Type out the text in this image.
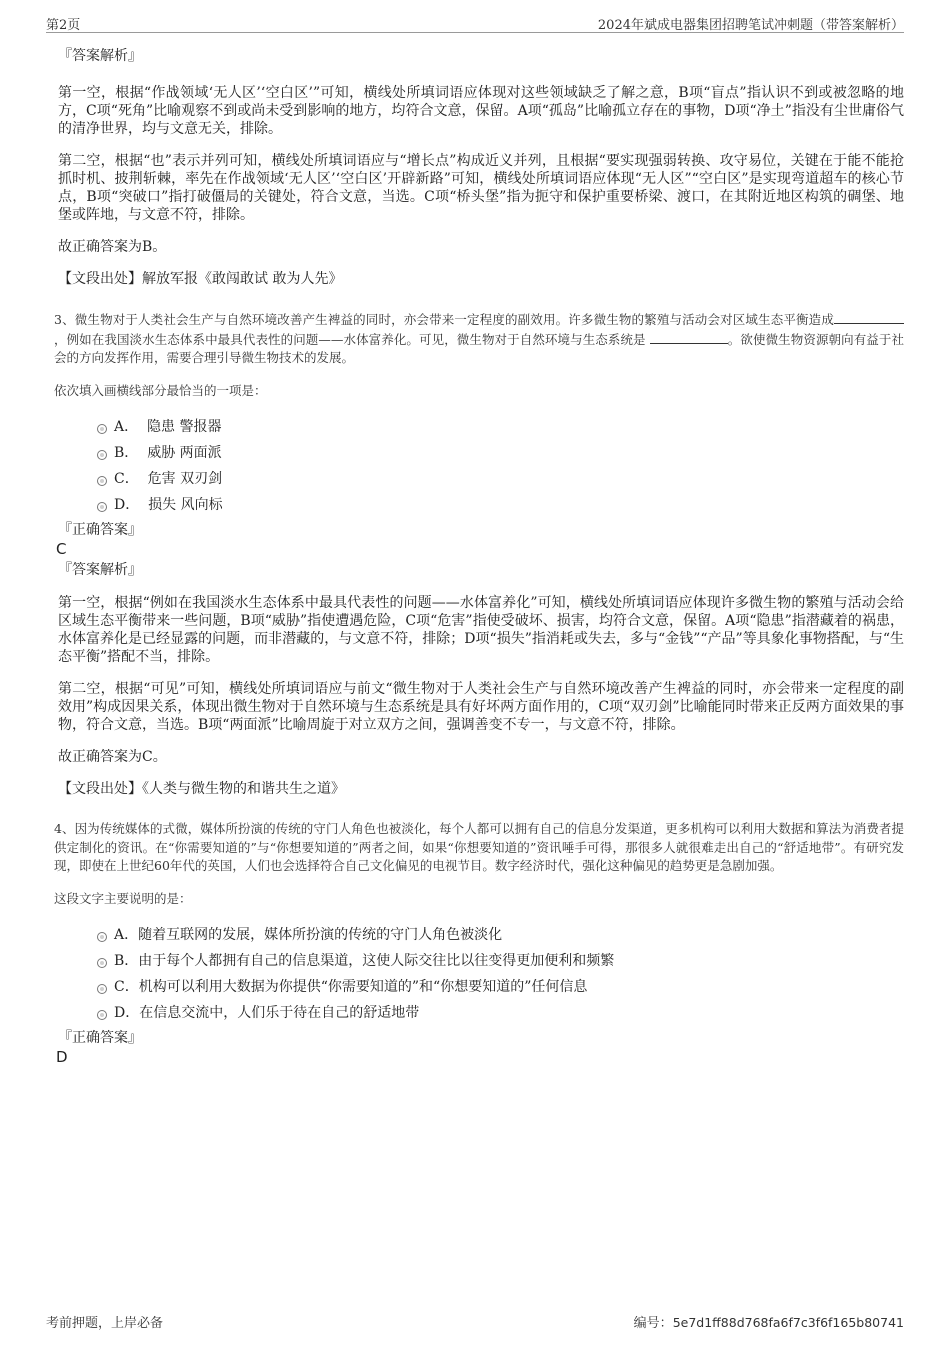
第2页	2024年斌成电器集团招聘笔试冲刺题（带答案解析）
『答案解析』

第一空，根据“作战领域‘无人区’‘空白区’”可知，横线处所填词语应体现对这些领域缺乏了解之意，B项“盲点”指认识不到或被忽略的地方，C项“死角”比喻观察不到或尚未受到影响的地方，均符合文意，保留。A项“孤岛”比喻孤立存在的事物，D项“净土”指没有尘世庸俗气的清净世界，均与文意无关，排除。

第二空，根据“也”表示并列可知，横线处所填词语应与“增长点”构成近义并列，且根据“要实现强弱转换、攻守易位，关键在于能不能抢抓时机、披荆斩棘，率先在作战领域‘无人区’‘空白区’开辟新路”可知，横线处所填词语应体现“无人区”“空白区”是实现弯道超车的核心节点，B项“突破口”指打破僵局的关键处，符合文意，当选。C项“桥头堡”指为扼守和保护重要桥梁、渡口，在其附近地区构筑的碉堡、地堡或阵地，与文意不符，排除。

故正确答案为B。

【文段出处】解放军报《敢闯敢试 敢为人先》

3、微生物对于人类社会生产与自然环境改善产生裨益的同时，亦会带来一定程度的副效用。许多微生物的繁殖与活动会对区域生态平衡造成，例如在我国淡水生态体系中最具代表性的问题——水体富养化。可见，微生物对于自然环境与生态系统是	。欲使微生物资源朝向有益于社会的方向发挥作用，需要合理引导微生物技术的发展。

依次填入画横线部分最恰当的一项是：

A． 隐患 警报器
B． 威胁 两面派
C． 危害 双刃剑
D． 损失 风向标
『正确答案』
C
『答案解析』

第一空，根据“例如在我国淡水生态体系中最具代表性的问题——水体富养化”可知，横线处所填词语应体现许多微生物的繁殖与活动会给区域生态平衡带来一些问题，B项“威胁”指使遭遇危险，C项“危害”指使受破坏、损害，均符合文意，保留。A项“隐患”指潜藏着的祸患，水体富养化是已经显露的问题，而非潜藏的，与文意不符，排除；D项“损失”指消耗或失去，多与“金钱”“产品”等具象化事物搭配，与“生态平衡”搭配不当，排除。

第二空，根据“可见”可知，横线处所填词语应与前文“微生物对于人类社会生产与自然环境改善产生裨益的同时，亦会带来一定程度的副效用”构成因果关系，体现出微生物对于自然环境与生态系统是具有好坏两方面作用的，C项“双刃剑”比喻能同时带来正反两方面效果的事物，符合文意，当选。B项“两面派”比喻周旋于对立双方之间，强调善变不专一，与文意不符，排除。

故正确答案为C。

【文段出处】《人类与微生物的和谐共生之道》

4、因为传统媒体的式微，媒体所扮演的传统的守门人角色也被淡化，每个人都可以拥有自己的信息分发渠道，更多机构可以利用大数据和算法为消费者提供定制化的资讯。在“你需要知道的”与“你想要知道的”两者之间，如果“你想要知道的”资讯唾手可得，那很多人就很难走出自己的“舒适地带”。有研究发现，即使在上世纪60年代的英国，人们也会选择符合自己文化偏见的电视节目。数字经济时代，强化这种偏见的趋势更是急剧加强。

这段文字主要说明的是：

A．随着互联网的发展，媒体所扮演的传统的守门人角色被淡化
B．由于每个人都拥有自己的信息渠道，这使人际交往比以往变得更加便利和频繁
C．机构可以利用大数据为你提供“你需要知道的”和“你想要知道的”任何信息
D．在信息交流中，人们乐于待在自己的舒适地带
『正确答案』
D
考前押题，上岸必备	编号：5e7d1ff88d768fa6f7c3f6f165b80741
